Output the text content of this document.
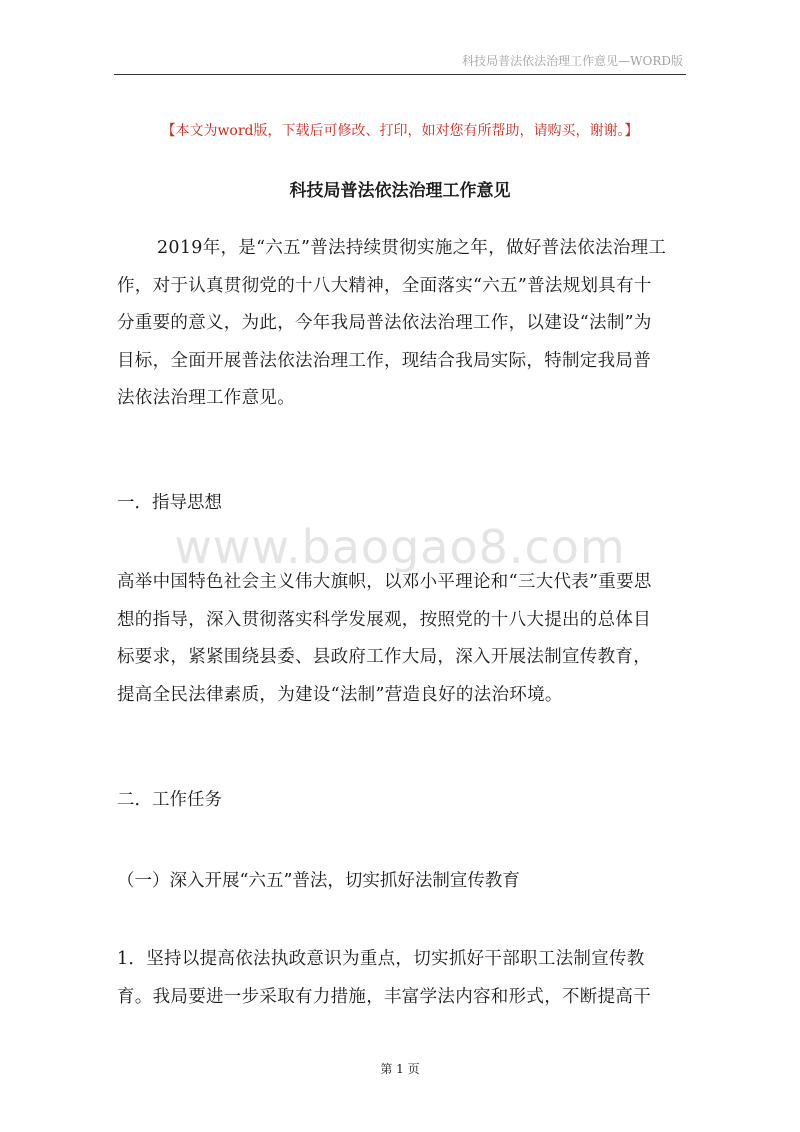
科技局普法依法治理工作意见—WORD版
【本文为word版，下载后可修改、打印，如对您有所帮助，请购买，谢谢。】
科技局普法依法治理工作意见
2019年，是“六五”普法持续贯彻实施之年，做好普法依法治理工
作，对于认真贯彻党的十八大精神，全面落实“六五”普法规划具有十
分重要的意义，为此，今年我局普法依法治理工作，以建设“法制”为
目标，全面开展普法依法治理工作，现结合我局实际，特制定我局普
法依法治理工作意见。
一．指导思想
www.baogao8.com
高举中国特色社会主义伟大旗帜，以邓小平理论和“三大代表”重要思
想的指导，深入贯彻落实科学发展观，按照党的十八大提出的总体目
标要求，紧紧围绕县委、县政府工作大局，深入开展法制宣传教育，
提高全民法律素质，为建设“法制”营造良好的法治环境。
二．工作任务
（一）深入开展“六五”普法，切实抓好法制宣传教育
1．坚持以提高依法执政意识为重点，切实抓好干部职工法制宣传教
育。我局要进一步采取有力措施，丰富学法内容和形式，不断提高干
第 1 页
